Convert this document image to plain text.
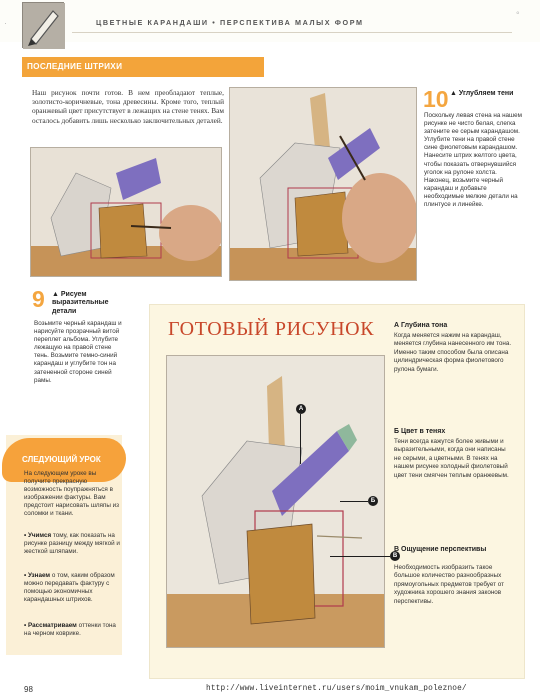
·	ЦВЕТНЫЕ КАРАНДАШИ • ПЕРСПЕКТИВА МАЛЫХ ФОРМ
°
ПОСЛЕДНИЕ ШТРИХИ
Наш рисунок почти готов. В нем преобладают теплые, золотисто-коричневые, тона древесины. Кроме того, теплый оранжевый цвет присутствует в лежащих на стене тенях. Вам осталось добавить лишь несколько заключительных деталей.
10 ▲ Углубляем тени
Поскольку левая стена на нашем рисунке не чисто белая, слегка затените ее серым карандашом. Углубите тени на правой стене сине фиолетовым карандашом. Нанесите штрих желтого цвета, чтобы показать отвернувшийся уголок на рулоне холста. Наконец, возьмите черный карандаш и добавьте необходимые мелкие детали на плинтусе и линейке.
9 ▲ Рисуем выразительные детали
Возьмите черный карандаш и нарисуйте прозрачный витой переплет альбома. Углубите лежащую на правой стене тень. Возьмите темно-синий карандаш и углубите тон на затененной стороне синей рамы.
ГОТОВЫЙ РИСУНОК
A
Б
В
А Глубина тона
Когда меняется нажим на карандаш, меняется глубина нанесенного им тона. Именно таким способом была описана цилиндрическая форма фиолетового рулона бумаги.
Б Цвет в тенях
Тени всегда кажутся более живыми и выразительными, когда они написаны не серыми, а цветными. В тенях на нашем рисунке холодный фиолетовый цвет тени смягчен теплым оранжевым.
В Ощущение перспективы
Необходимость изобразить такое большое количество разнообразных прямоугольных предметов требует от художника хорошего знания законов перспективы.
СЛЕДУЮЩИЙ УРОК
На следующем уроке вы получите прекрасную возможность поупражняться в изображении фактуры. Вам предстоит нарисовать шляпы из соломки и ткани.
• Учимся тому, как показать на рисунке разницу между мягкой и жесткой шляпами.
• Узнаем о том, каким образом можно передавать фактуру с помощью экономичных карандашных штрихов.
• Рассматриваем оттенки тона на черном коврике.
98	http://www.liveinternet.ru/users/moim_vnukam_poleznoe/
